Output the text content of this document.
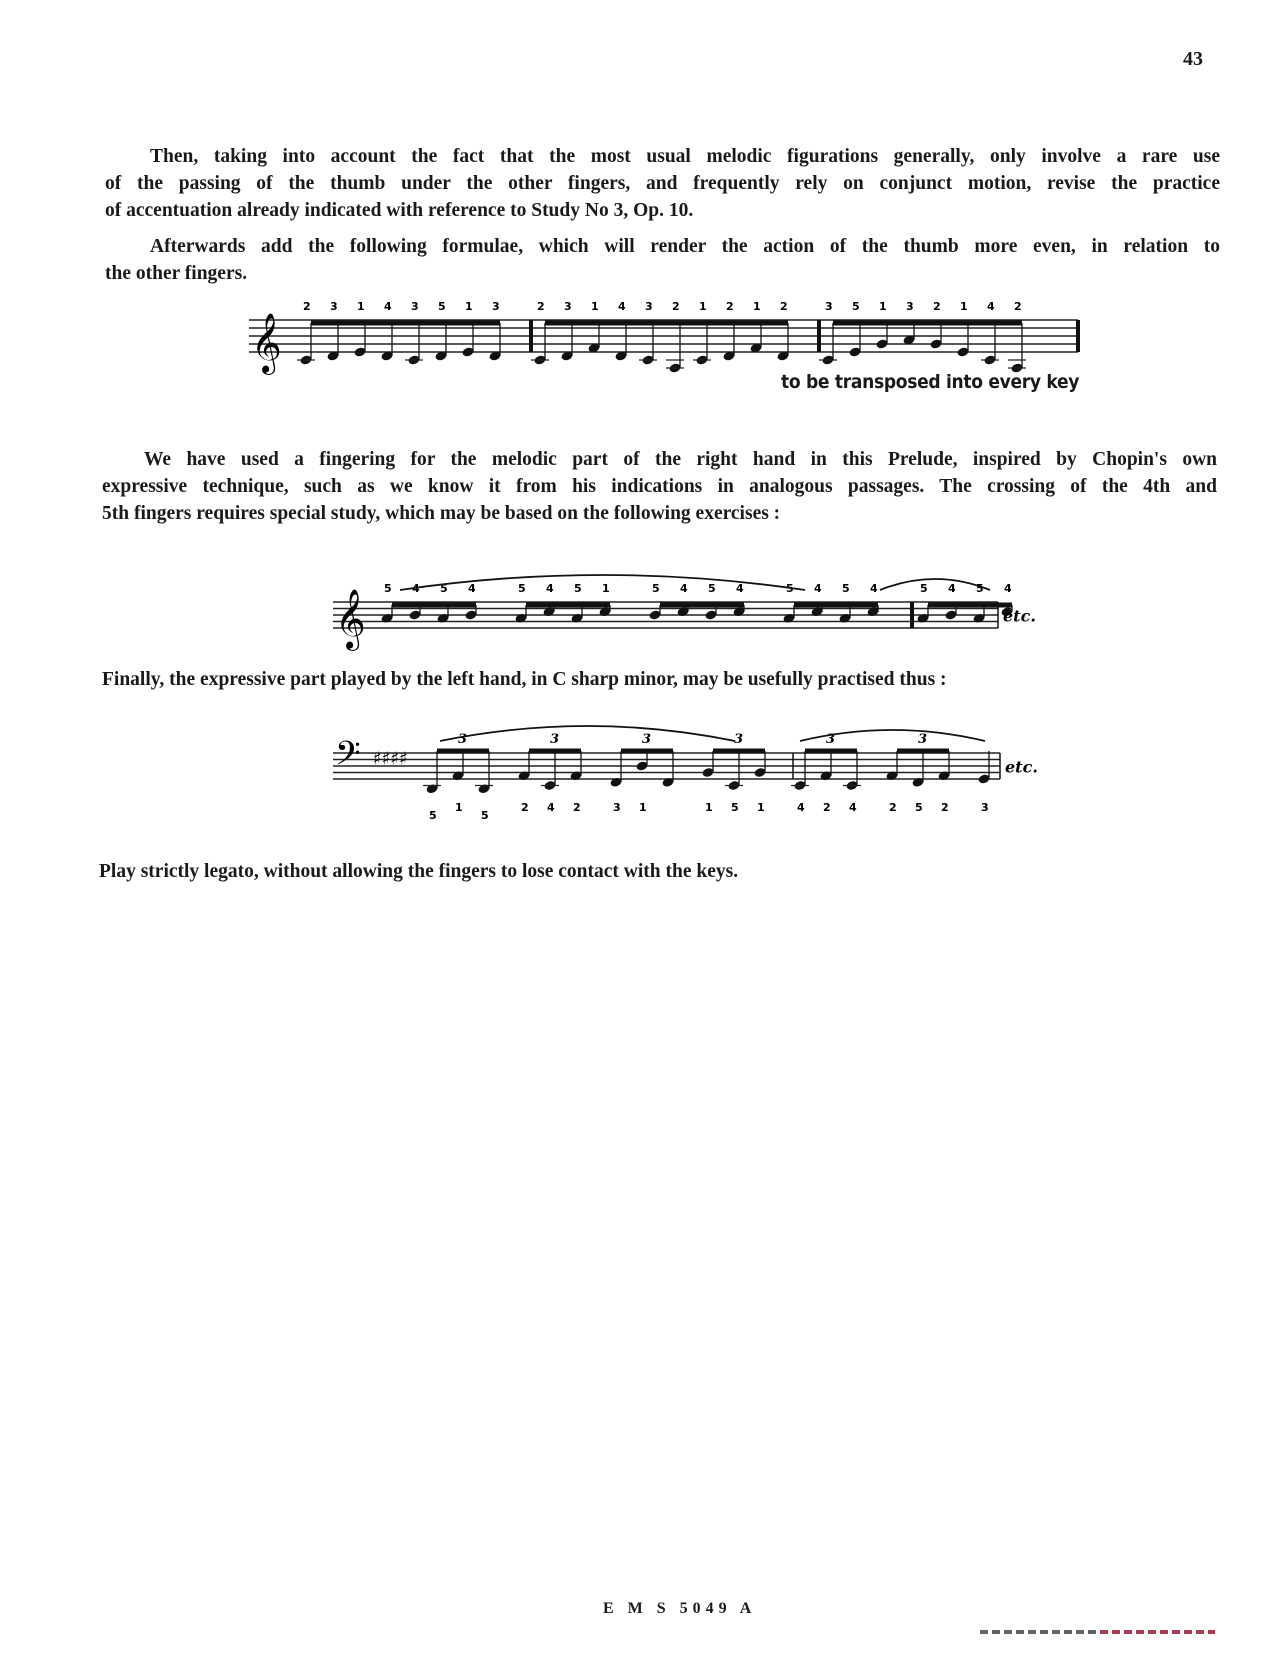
43
Then, taking into account the fact that the most usual melodic figurations generally, only involve a rare use
of the passing of the thumb under the other fingers, and frequently rely on conjunct motion, revise the practice
of accentuation already indicated with reference to Study No 3, Op. 10.
Afterwards add the following formulae, which will render the action of the thumb more even, in relation to
the other fingers.
𝄞
2 3 1 4 3 5 1 3	2 3 1 4 3 2 1 2 1 2	3 5 1 3 2 1 4 2
to be transposed into every key
We have used a fingering for the melodic part of the right hand in this Prelude, inspired by Chopin's own
expressive technique, such as we know it from his indications in analogous passages. The crossing of the 4th and
5th fingers requires special study, which may be based on the following exercises :
𝄞
5 4 5 4	5 4 5 1	5 4 5 4	5 4 5 4	5 4 5 4
etc.
Finally, the expressive part played by the left hand, in C sharp minor, may be usefully practised thus :
𝄢 ♯♯♯♯
5
1
5
3
2 4 2
3
3 1
3
1 5 1
3
4 2 4
3
2 5 2
3
3
etc.
Play strictly legato, without allowing the fingers to lose contact with the keys.
E M S 5049 A
